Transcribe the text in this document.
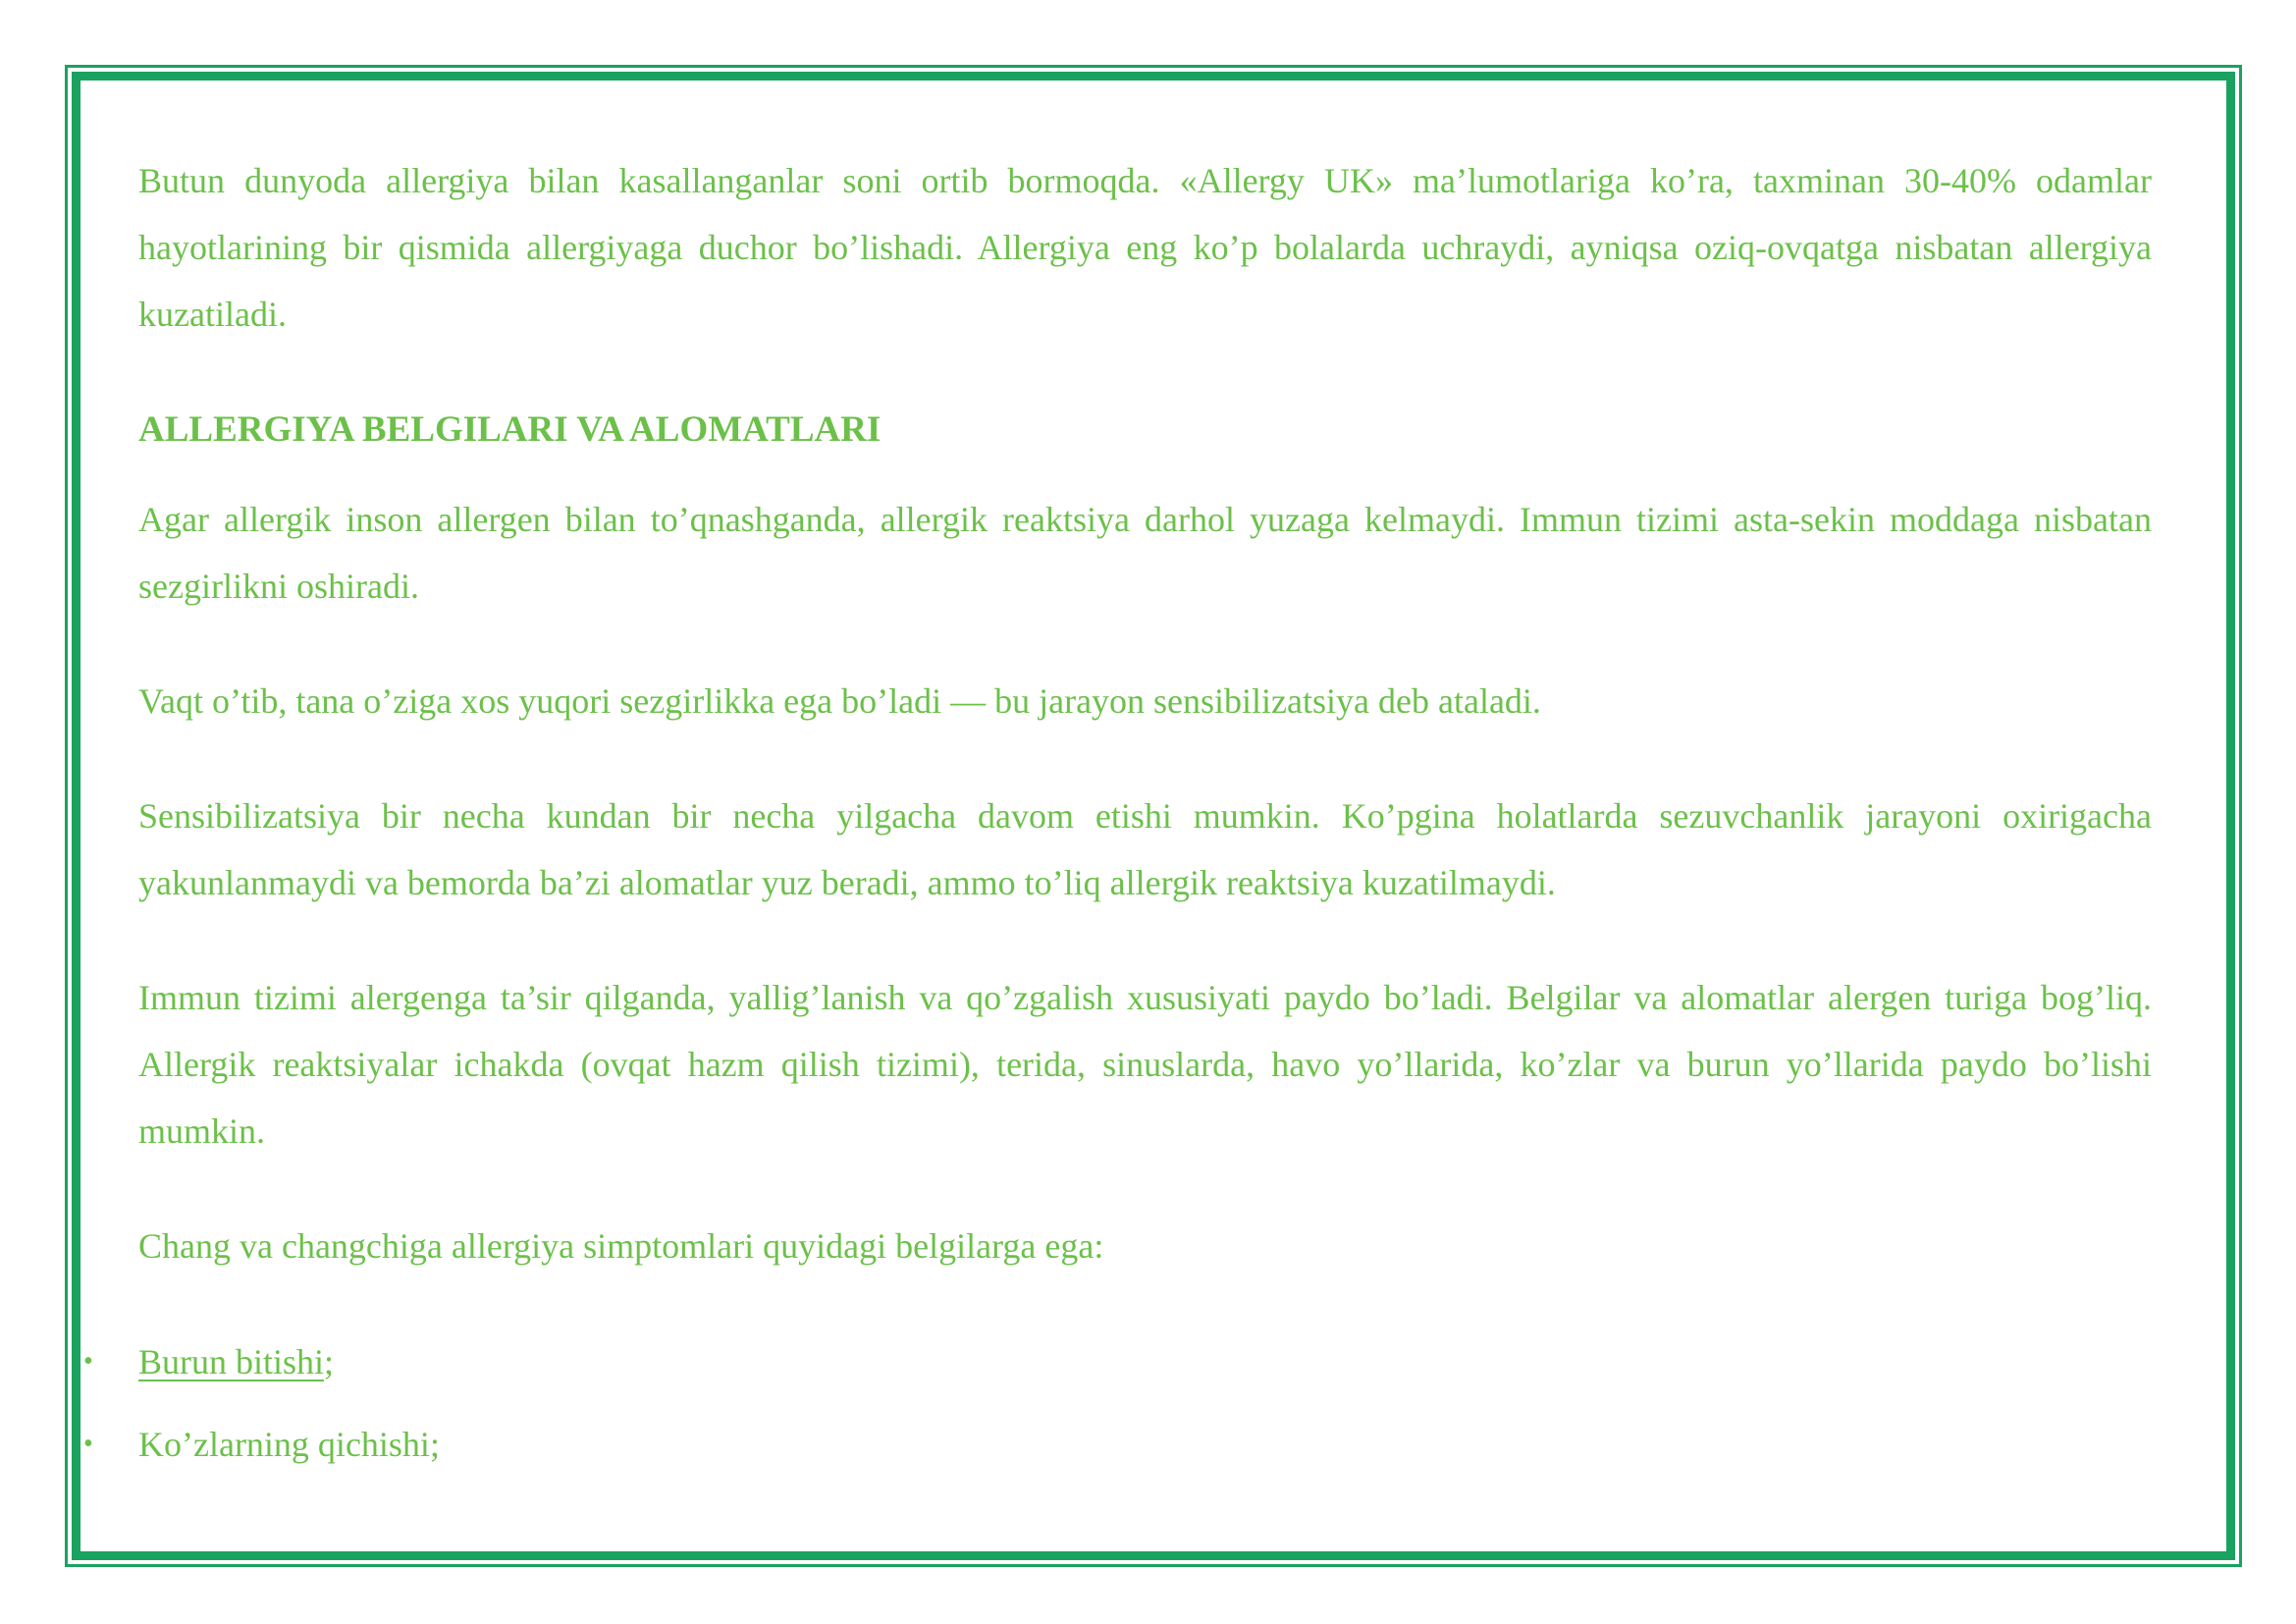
Butun dunyoda allergiya bilan kasallanganlar soni ortib bormoqda. «Allergy UK» ma’lumotlariga ko’ra, taxminan 30-40% odamlar hayotlarining bir qismida allergiyaga duchor bo’lishadi. Allergiya eng ko’p bolalarda uchraydi, ayniqsa oziq-ovqatga nisbatan allergiya kuzatiladi.

ALLERGIYA BELGILARI VA ALOMATLARI

Agar allergik inson allergen bilan to’qnashganda, allergik reaktsiya darhol yuzaga kelmaydi. Immun tizimi asta-sekin moddaga nisbatan sezgirlikni oshiradi.

Vaqt o’tib, tana o’ziga xos yuqori sezgirlikka ega bo’ladi — bu jarayon sensibilizatsiya deb ataladi.

Sensibilizatsiya bir necha kundan bir necha yilgacha davom etishi mumkin. Ko’pgina holatlarda sezuvchanlik jarayoni oxirigacha yakunlanmaydi va bemorda ba’zi alomatlar yuz beradi, ammo to’liq allergik reaktsiya kuzatilmaydi.

Immun tizimi alergenga ta’sir qilganda, yallig’lanish va qo’zgalish xususiyati paydo bo’ladi. Belgilar va alomatlar alergen turiga bog’liq. Allergik reaktsiyalar ichakda (ovqat hazm qilish tizimi), terida, sinuslarda, havo yo’llarida, ko’zlar va burun yo’llarida paydo bo’lishi mumkin.

Chang va changchiga allergiya simptomlari quyidagi belgilarga ega:

• Burun bitishi;
• Ko’zlarning qichishi;
